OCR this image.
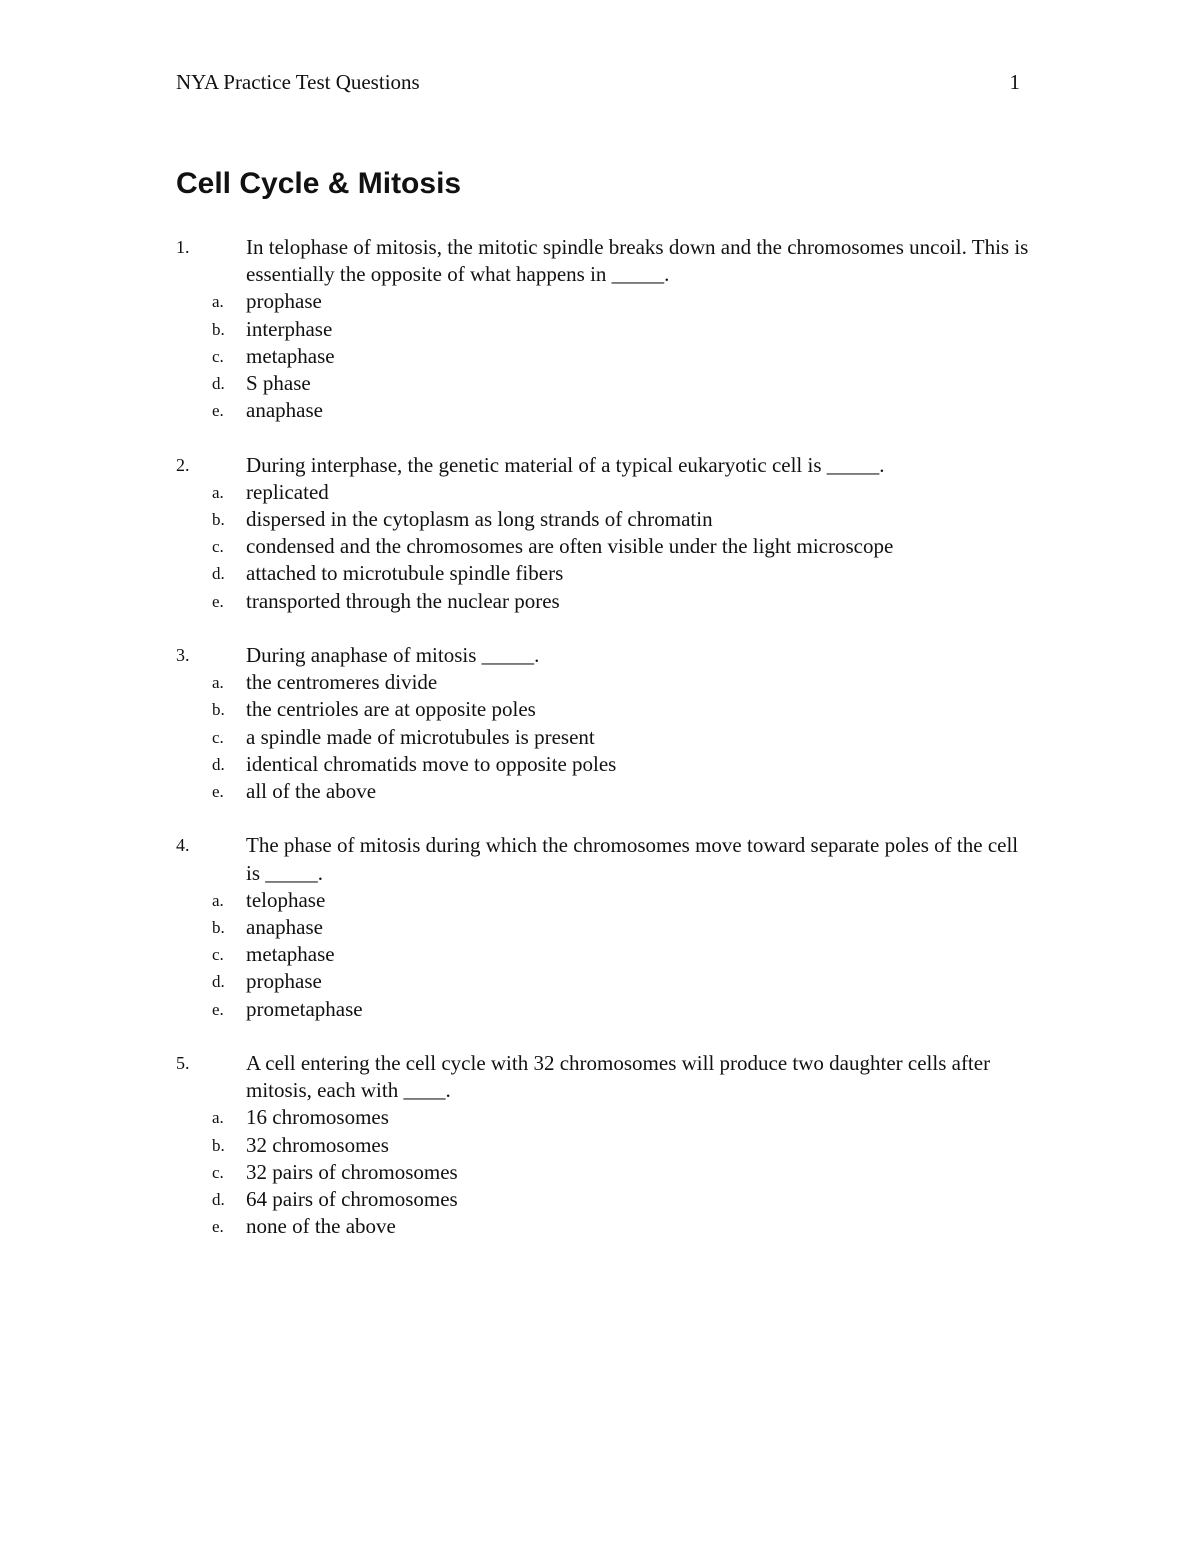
NYA Practice Test Questions	1
Cell Cycle & Mitosis
1.	In telophase of mitosis, the mitotic spindle breaks down and the chromosomes uncoil. This is essentially the opposite of what happens in _____.
a.	prophase
b.	interphase
c.	metaphase
d.	S phase
e.	anaphase
2.	During interphase, the genetic material of a typical eukaryotic cell is _____.
a.	replicated
b.	dispersed in the cytoplasm as long strands of chromatin
c.	condensed and the chromosomes are often visible under the light microscope
d.	attached to microtubule spindle fibers
e.	transported through the nuclear pores
3.	During anaphase of mitosis _____.
a.	the centromeres divide
b.	the centrioles are at opposite poles
c.	a spindle made of microtubules is present
d.	identical chromatids move to opposite poles
e.	all of the above
4.	The phase of mitosis during which the chromosomes move toward separate poles of the cell is _____.
a.	telophase
b.	anaphase
c.	metaphase
d.	prophase
e.	prometaphase
5.	A cell entering the cell cycle with 32 chromosomes will produce two daughter cells after mitosis, each with ____.
a.	16 chromosomes
b.	32 chromosomes
c.	32 pairs of chromosomes
d.	64 pairs of chromosomes
e.	none of the above
